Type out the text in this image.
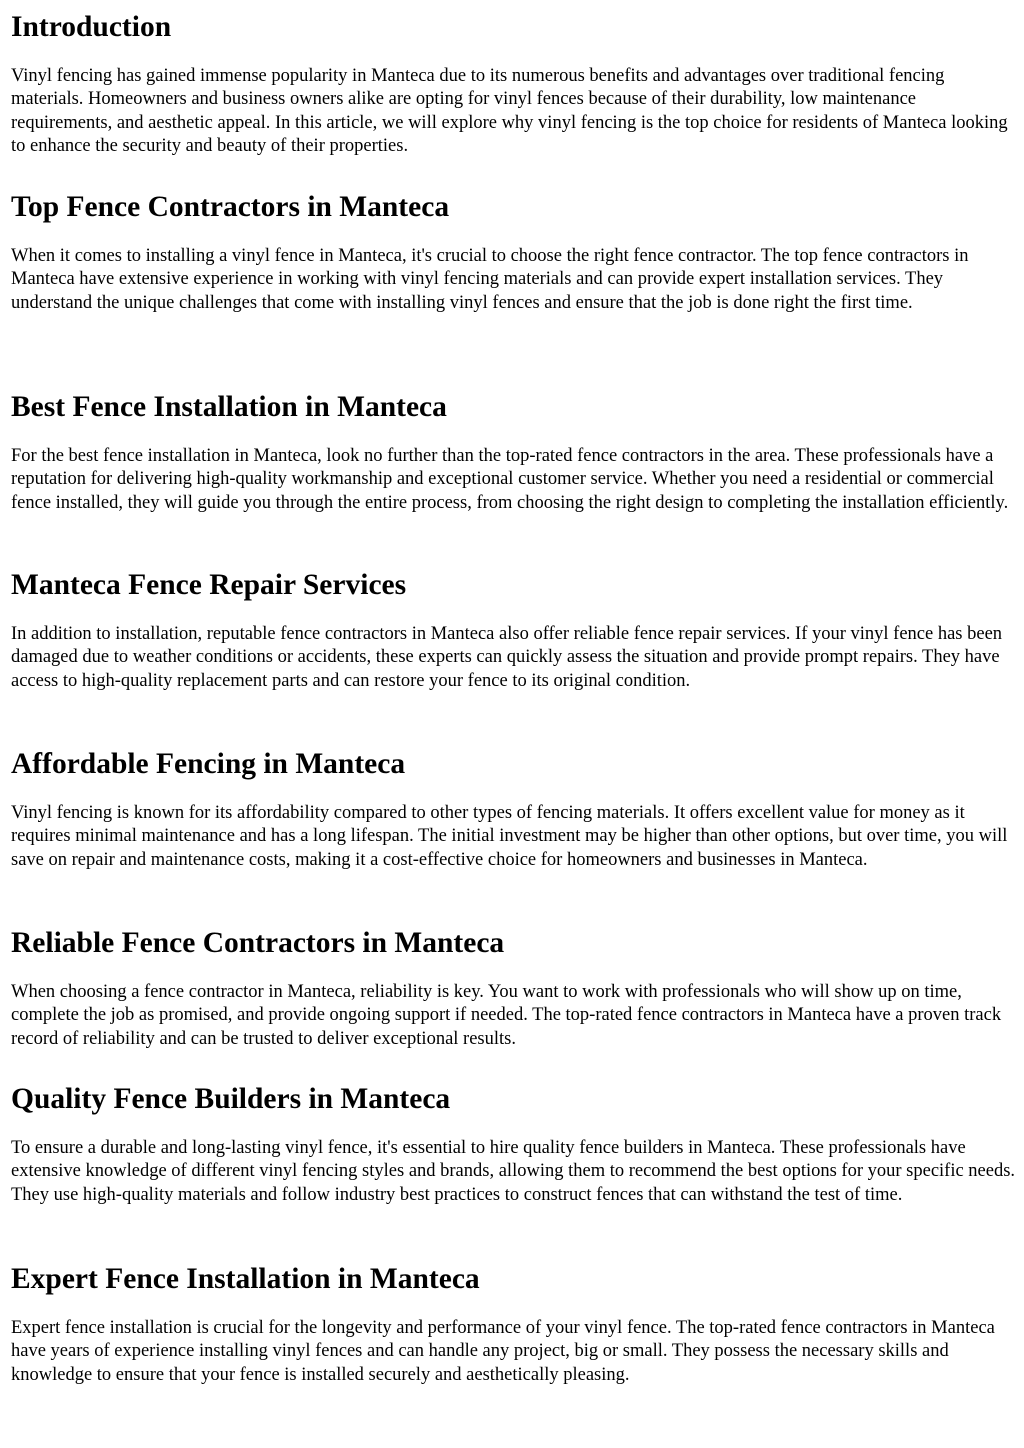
Introduction

Vinyl fencing has gained immense popularity in Manteca due to its numerous benefits and advantages over traditional fencing materials. Homeowners and business owners alike are opting for vinyl fences because of their durability, low maintenance requirements, and aesthetic appeal. In this article, we will explore why vinyl fencing is the top choice for residents of Manteca looking to enhance the security and beauty of their properties.

Top Fence Contractors in Manteca

When it comes to installing a vinyl fence in Manteca, it's crucial to choose the right fence contractor. The top fence contractors in Manteca have extensive experience in working with vinyl fencing materials and can provide expert installation services. They understand the unique challenges that come with installing vinyl fences and ensure that the job is done right the first time.

Best Fence Installation in Manteca

For the best fence installation in Manteca, look no further than the top-rated fence contractors in the area. These professionals have a reputation for delivering high-quality workmanship and exceptional customer service. Whether you need a residential or commercial fence installed, they will guide you through the entire process, from choosing the right design to completing the installation efficiently.

Manteca Fence Repair Services

In addition to installation, reputable fence contractors in Manteca also offer reliable fence repair services. If your vinyl fence has been damaged due to weather conditions or accidents, these experts can quickly assess the situation and provide prompt repairs. They have access to high-quality replacement parts and can restore your fence to its original condition.

Affordable Fencing in Manteca

Vinyl fencing is known for its affordability compared to other types of fencing materials. It offers excellent value for money as it requires minimal maintenance and has a long lifespan. The initial investment may be higher than other options, but over time, you will save on repair and maintenance costs, making it a cost-effective choice for homeowners and businesses in Manteca.

Reliable Fence Contractors in Manteca

When choosing a fence contractor in Manteca, reliability is key. You want to work with professionals who will show up on time, complete the job as promised, and provide ongoing support if needed. The top-rated fence contractors in Manteca have a proven track record of reliability and can be trusted to deliver exceptional results.

Quality Fence Builders in Manteca

To ensure a durable and long-lasting vinyl fence, it's essential to hire quality fence builders in Manteca. These professionals have extensive knowledge of different vinyl fencing styles and brands, allowing them to recommend the best options for your specific needs. They use high-quality materials and follow industry best practices to construct fences that can withstand the test of time.

Expert Fence Installation in Manteca

Expert fence installation is crucial for the longevity and performance of your vinyl fence. The top-rated fence contractors in Manteca have years of experience installing vinyl fences and can handle any project, big or small. They possess the necessary skills and knowledge to ensure that your fence is installed securely and aesthetically pleasing.
